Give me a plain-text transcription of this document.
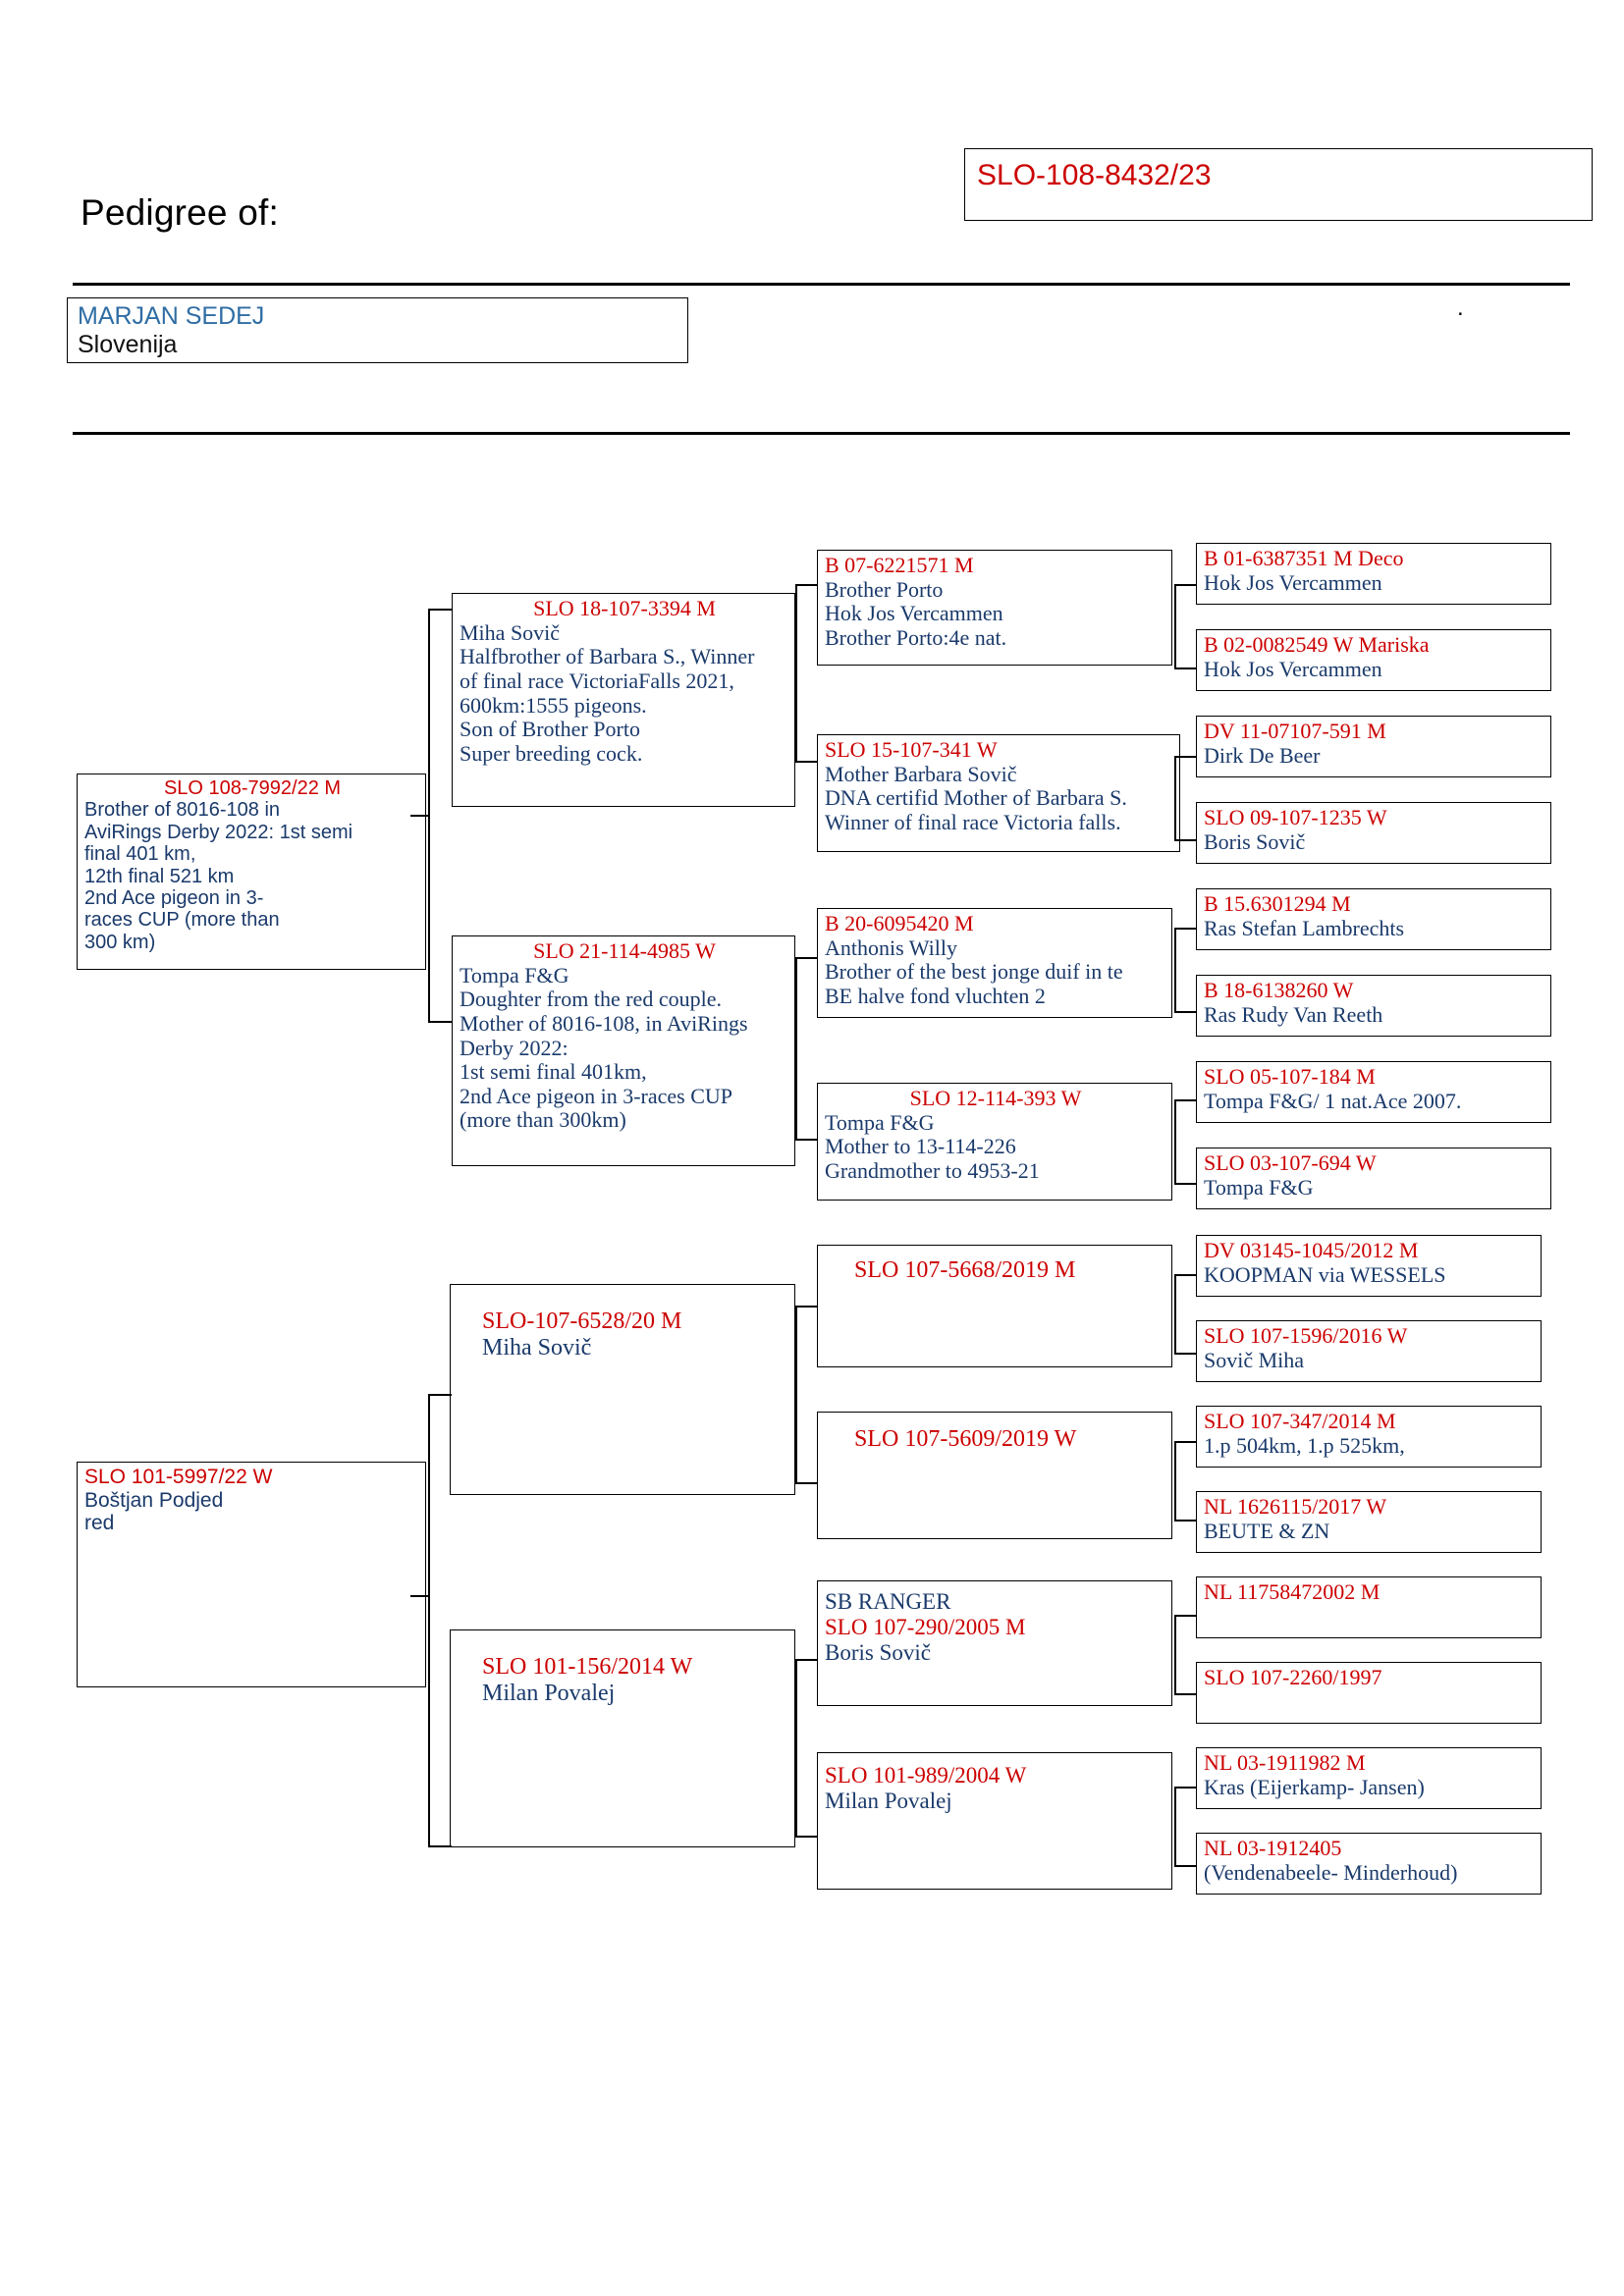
Pedigree of:
SLO-108-8432/23
MARJAN SEDEJ
Slovenija
.
SLO 108-7992/22 M
Brother of 8016-108 in
AviRings Derby 2022: 1st semi
final 401 km,
12th final 521 km
2nd Ace pigeon in 3-
races CUP (more than
300 km)
SLO 101-5997/22 W
Boštjan Podjed
red
SLO 18-107-3394 M
Miha Sovič
Halfbrother of Barbara S., Winner
of final race VictoriaFalls 2021,
600km:1555 pigeons.
Son of Brother Porto
Super breeding cock.
SLO 21-114-4985 W
Tompa F&G
Doughter from the red couple.
Mother of 8016-108, in AviRings
Derby 2022:
1st semi final 401km,
2nd Ace pigeon in 3-races CUP
(more than 300km)
SLO-107-6528/20 M
Miha Sovič
SLO 101-156/2014 W
Milan Povalej
B 07-6221571 M
Brother Porto
Hok Jos Vercammen
Brother Porto:4e nat.
SLO 15-107-341 W
Mother Barbara Sovič
DNA certifid Mother of Barbara S.
Winner of final race Victoria falls.
B 20-6095420 M
Anthonis Willy
Brother of the best jonge duif in te
BE halve fond vluchten 2
SLO 12-114-393 W
Tompa F&G
Mother to 13-114-226
Grandmother to 4953-21
SLO 107-5668/2019 M
SLO 107-5609/2019 W
SB RANGER
SLO 107-290/2005 M
Boris Sovič
SLO 101-989/2004 W
Milan Povalej
B 01-6387351 M Deco
Hok Jos Vercammen
B 02-0082549 W Mariska
Hok Jos Vercammen
DV 11-07107-591 M
Dirk De Beer
SLO 09-107-1235 W
Boris Sovič
B 15.6301294 M
Ras Stefan Lambrechts
B 18-6138260 W
Ras Rudy Van Reeth
SLO 05-107-184 M
Tompa F&G/ 1 nat.Ace 2007.
SLO 03-107-694 W
Tompa F&G
DV 03145-1045/2012 M
KOOPMAN via WESSELS
SLO 107-1596/2016 W
Sovič Miha
SLO 107-347/2014 M
1.p 504km, 1.p 525km,
NL 1626115/2017 W
BEUTE & ZN
NL 11758472002 M
SLO 107-2260/1997
NL 03-1911982 M
Kras (Eijerkamp- Jansen)
NL 03-1912405
(Vendenabeele- Minderhoud)
